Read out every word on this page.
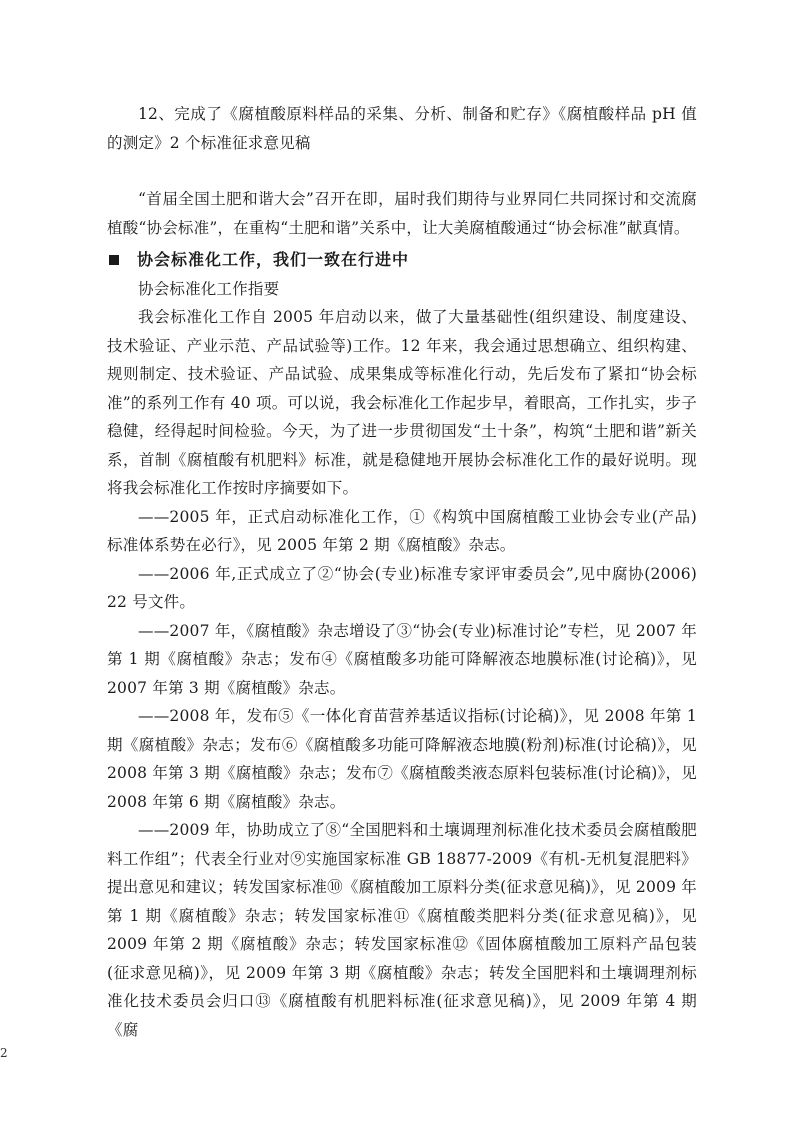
12、完成了《腐植酸原料样品的采集、分析、制备和贮存》《腐植酸样品 pH 值的测定》2 个标准征求意见稿

“首届全国土肥和谐大会”召开在即，届时我们期待与业界同仁共同探讨和交流腐植酸“协会标准”，在重构“土肥和谐”关系中，让大美腐植酸通过“协会标准”献真情。

协会标准化工作，我们一致在行进中

协会标准化工作指要

我会标准化工作自 2005 年启动以来，做了大量基础性(组织建设、制度建设、技术验证、产业示范、产品试验等)工作。12 年来，我会通过思想确立、组织构建、规则制定、技术验证、产品试验、成果集成等标准化行动，先后发布了紧扣“协会标准”的系列工作有 40 项。可以说，我会标准化工作起步早，着眼高，工作扎实，步子稳健，经得起时间检验。今天，为了进一步贯彻国发“土十条”，构筑“土肥和谐”新关系，首制《腐植酸有机肥料》标准，就是稳健地开展协会标准化工作的最好说明。现将我会标准化工作按时序摘要如下。

——2005 年，正式启动标准化工作，①《构筑中国腐植酸工业协会专业(产品)标准体系势在必行》，见 2005 年第 2 期《腐植酸》杂志。

——2006 年,正式成立了②“协会(专业)标准专家评审委员会”,见中腐协(2006) 22 号文件。

——2007 年，《腐植酸》杂志增设了③“协会(专业)标准讨论”专栏，见 2007 年第 1 期《腐植酸》杂志；发布④《腐植酸多功能可降解液态地膜标准(讨论稿)》，见 2007 年第 3 期《腐植酸》杂志。

——2008 年，发布⑤《一体化育苗营养基适议指标(讨论稿)》，见 2008 年第 1 期《腐植酸》杂志；发布⑥《腐植酸多功能可降解液态地膜(粉剂)标准(讨论稿)》，见 2008 年第 3 期《腐植酸》杂志；发布⑦《腐植酸类液态原料包装标准(讨论稿)》，见 2008 年第 6 期《腐植酸》杂志。

——2009 年，协助成立了⑧“全国肥料和土壤调理剂标准化技术委员会腐植酸肥料工作组”；代表全行业对⑨实施国家标准 GB 18877-2009《有机-无机复混肥料》提出意见和建议；转发国家标准⑩《腐植酸加工原料分类(征求意见稿)》，见 2009 年第 1 期《腐植酸》杂志；转发国家标准⑪《腐植酸类肥料分类(征求意见稿)》，见 2009 年第 2 期《腐植酸》杂志；转发国家标准⑫《固体腐植酸加工原料产品包装(征求意见稿)》，见 2009 年第 3 期《腐植酸》杂志；转发全国肥料和土壤调理剂标准化技术委员会归口⑬《腐植酸有机肥料标准(征求意见稿)》，见 2009 年第 4 期《腐

2
